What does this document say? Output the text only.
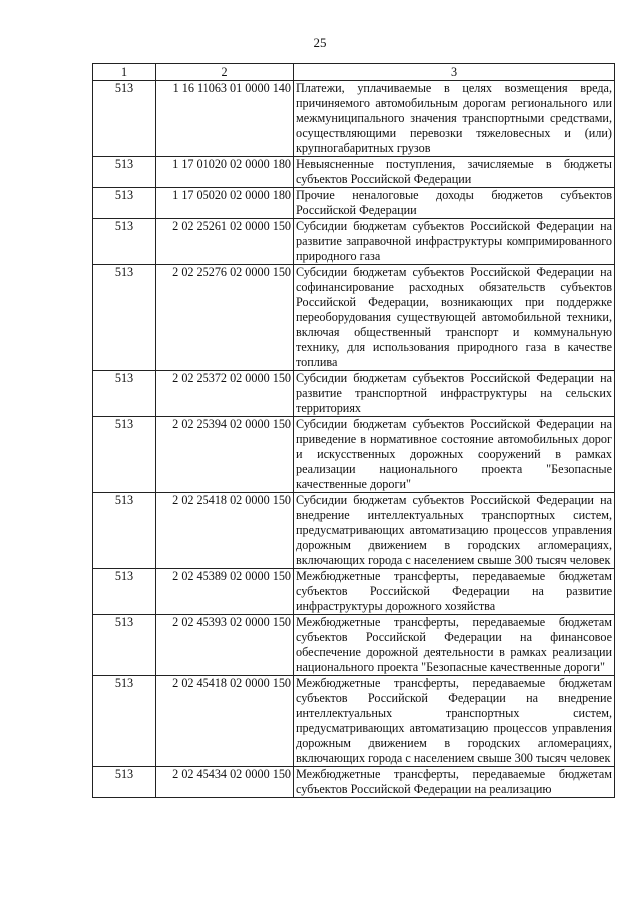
25
1	2	3
513	1 16 11063 01 0000 140	Платежи, уплачиваемые в целях возмещения вреда, причиняемого автомобильным дорогам регионального или межмуниципального значения транспортными средствами, осуществляющими перевозки тяжеловесных и (или) крупногабаритных грузов
513	1 17 01020 02 0000 180	Невыясненные поступления, зачисляемые в бюджеты субъектов Российской Федерации
513	1 17 05020 02 0000 180	Прочие неналоговые доходы бюджетов субъектов Российской Федерации
513	2 02 25261 02 0000 150	Субсидии бюджетам субъектов Российской Федерации на развитие заправочной инфраструктуры компримированного природного газа
513	2 02 25276 02 0000 150	Субсидии бюджетам субъектов Российской Федерации на софинансирование расходных обязательств субъектов Российской Федерации, возникающих при поддержке переоборудования существующей автомобильной техники, включая общественный транспорт и коммунальную технику, для использования природного газа в качестве топлива
513	2 02 25372 02 0000 150	Субсидии бюджетам субъектов Российской Федерации на развитие транспортной инфраструктуры на сельских территориях
513	2 02 25394 02 0000 150	Субсидии бюджетам субъектов Российской Федерации на приведение в нормативное состояние автомобильных дорог и искусственных дорожных сооружений в рамках реализации национального проекта "Безопасные качественные дороги"
513	2 02 25418 02 0000 150	Субсидии бюджетам субъектов Российской Федерации на внедрение интеллектуальных транспортных систем, предусматривающих автоматизацию процессов управления дорожным движением в городских агломерациях, включающих города с населением свыше 300 тысяч человек
513	2 02 45389 02 0000 150	Межбюджетные трансферты, передаваемые бюджетам субъектов Российской Федерации на развитие инфраструктуры дорожного хозяйства
513	2 02 45393 02 0000 150	Межбюджетные трансферты, передаваемые бюджетам субъектов Российской Федерации на финансовое обеспечение дорожной деятельности в рамках реализации национального проекта "Безопасные качественные дороги"
513	2 02 45418 02 0000 150	Межбюджетные трансферты, передаваемые бюджетам субъектов Российской Федерации на внедрение интеллектуальных транспортных систем, предусматривающих автоматизацию процессов управления дорожным движением в городских агломерациях, включающих города с населением свыше 300 тысяч человек
513	2 02 45434 02 0000 150	Межбюджетные трансферты, передаваемые бюджетам субъектов Российской Федерации на реализацию
